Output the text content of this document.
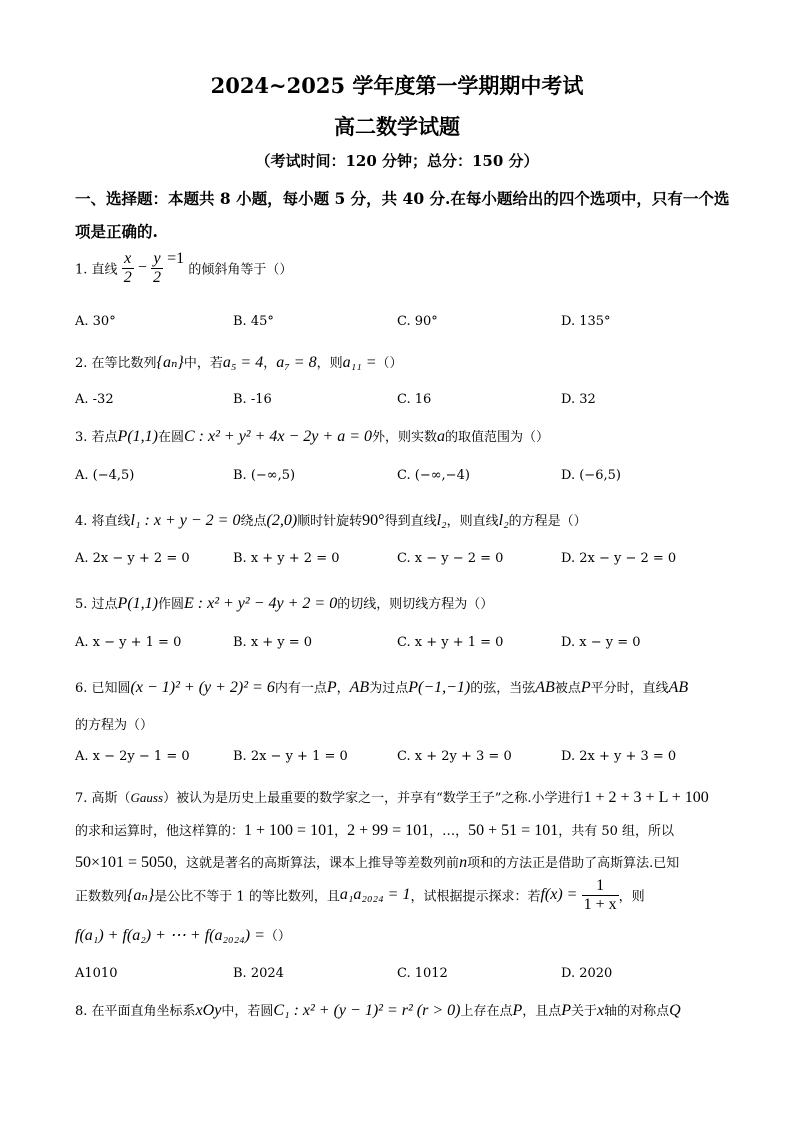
2024~2025 学年度第一学期期中考试
高二数学试题
（考试时间：120 分钟；总分：150 分）
一、选择题：本题共 8 小题，每小题 5 分，共 40 分.在每小题给出的四个选项中，只有一个选
项是正确的.
1. 直线 $\frac{x}{2} - \frac{y}{2} =1$ 的倾斜角等于（）
A. 30°	B. 45°	C. 90°	D. 135°
2. 在等比数列{aₙ}中，若a₅ = 4，a₇ = 8，则a₁₁ =（）
A. -32	B. -16	C. 16	D. 32
3. 若点P(1,1)在圆C : x² + y² + 4x − 2y + a = 0外，则实数a的取值范围为（）
A. (−4,5)	B. (−∞,5)	C. (−∞,−4)	D. (−6,5)
4. 将直线l₁ : x + y − 2 = 0绕点(2,0)顺时针旋转90°得到直线l₂，则直线l₂的方程是（）
A. 2x − y + 2 = 0	B. x + y + 2 = 0	C. x − y − 2 = 0	D. 2x − y − 2 = 0
5. 过点P(1,1)作圆E : x² + y² − 4y + 2 = 0的切线，则切线方程为（）
A. x − y + 1 = 0	B. x + y = 0	C. x + y + 1 = 0	D. x − y = 0
6. 已知圆(x − 1)² + (y + 2)² = 6内有一点P，AB为过点P(−1,−1)的弦，当弦AB被点P平分时，直线AB
的方程为（）
A. x − 2y − 1 = 0	B. 2x − y + 1 = 0	C. x + 2y + 3 = 0	D. 2x + y + 3 = 0
7. 高斯（Gauss）被认为是历史上最重要的数学家之一，并享有“数学王子”之称.小学进行1 + 2 + 3 + L + 100
的求和运算时，他这样算的：1 + 100 = 101，2 + 99 = 101，…，50 + 51 = 101，共有 50 组，所以
50×101 = 5050，这就是著名的高斯算法，课本上推导等差数列前n项和的方法正是借助了高斯算法.已知
正数数列{aₙ}是公比不等于 1 的等比数列，且a₁a₂₀₂₄ = 1，试根据提示探求：若$f(x) = \frac{1}{1 + x}$ ，则
f(a₁) + f(a₂) + ⋯ + f(a₂₀₂₄) =（）
A1010	B. 2024	C. 1012	D. 2020
8. 在平面直角坐标系xOy中，若圆C₁ : x² + (y − 1)² = r² (r > 0)上存在点P，且点P关于x轴的对称点Q
